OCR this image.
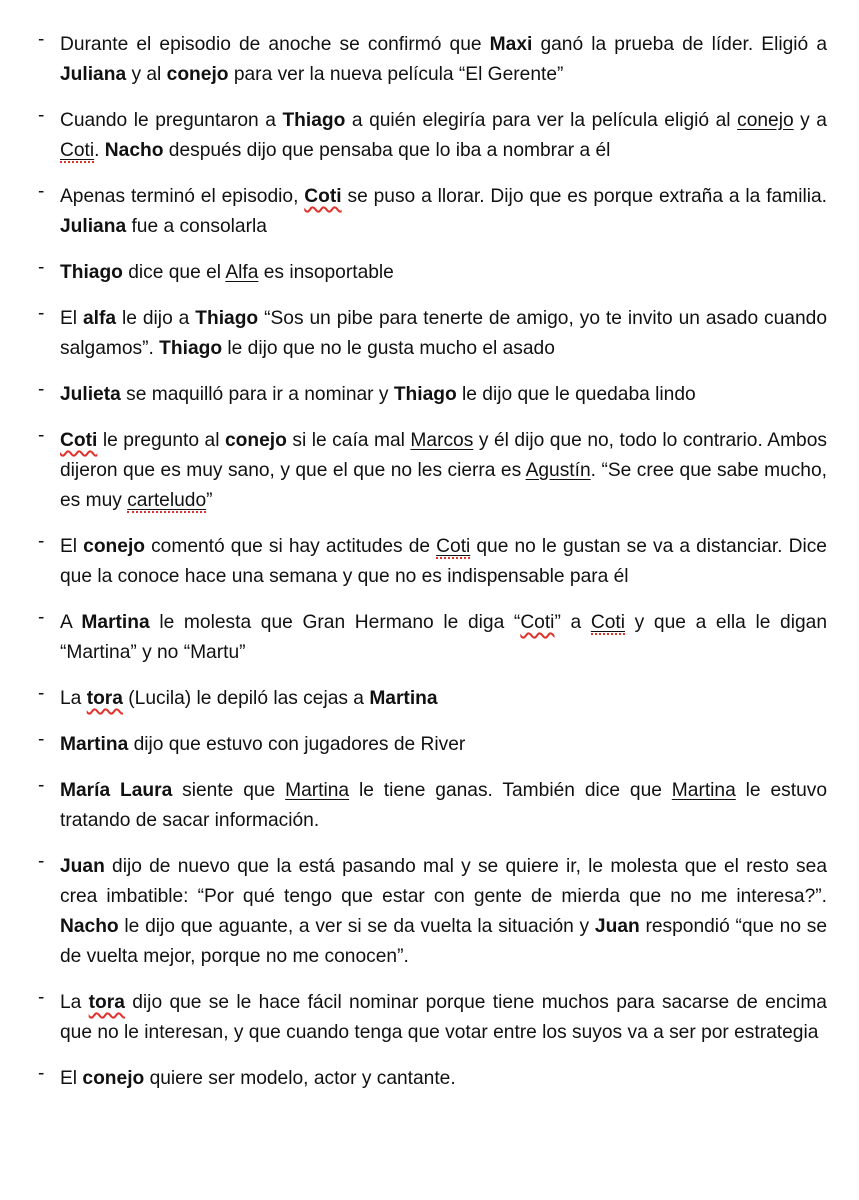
- Durante el episodio de anoche se confirmó que Maxi ganó la prueba de líder. Eligió a Juliana y al conejo para ver la nueva película “El Gerente”
- Cuando le preguntaron a Thiago a quién elegiría para ver la película eligió al conejo y a Coti. Nacho después dijo que pensaba que lo iba a nombrar a él
- Apenas terminó el episodio, Coti se puso a llorar. Dijo que es porque extraña a la familia. Juliana fue a consolarla
- Thiago dice que el Alfa es insoportable
- El alfa le dijo a Thiago “Sos un pibe para tenerte de amigo, yo te invito un asado cuando salgamos”. Thiago le dijo que no le gusta mucho el asado
- Julieta se maquilló para ir a nominar y Thiago le dijo que le quedaba lindo
- Coti le pregunto al conejo si le caía mal Marcos y él dijo que no, todo lo contrario. Ambos dijeron que es muy sano, y que el que no les cierra es Agustín. “Se cree que sabe mucho, es muy carteludo”
- El conejo comentó que si hay actitudes de Coti que no le gustan se va a distanciar. Dice que la conoce hace una semana y que no es indispensable para él
- A Martina le molesta que Gran Hermano le diga “Coti” a Coti y que a ella le digan “Martina” y no “Martu”
- La tora (Lucila) le depiló las cejas a Martina
- Martina dijo que estuvo con jugadores de River
- María Laura siente que Martina le tiene ganas. También dice que Martina le estuvo tratando de sacar información.
- Juan dijo de nuevo que la está pasando mal y se quiere ir, le molesta que el resto sea crea imbatible: “Por qué tengo que estar con gente de mierda que no me interesa?”. Nacho le dijo que aguante, a ver si se da vuelta la situación y Juan respondió “que no se de vuelta mejor, porque no me conocen”.
- La tora dijo que se le hace fácil nominar porque tiene muchos para sacarse de encima que no le interesan, y que cuando tenga que votar entre los suyos va a ser por estrategia
- El conejo quiere ser modelo, actor y cantante.
